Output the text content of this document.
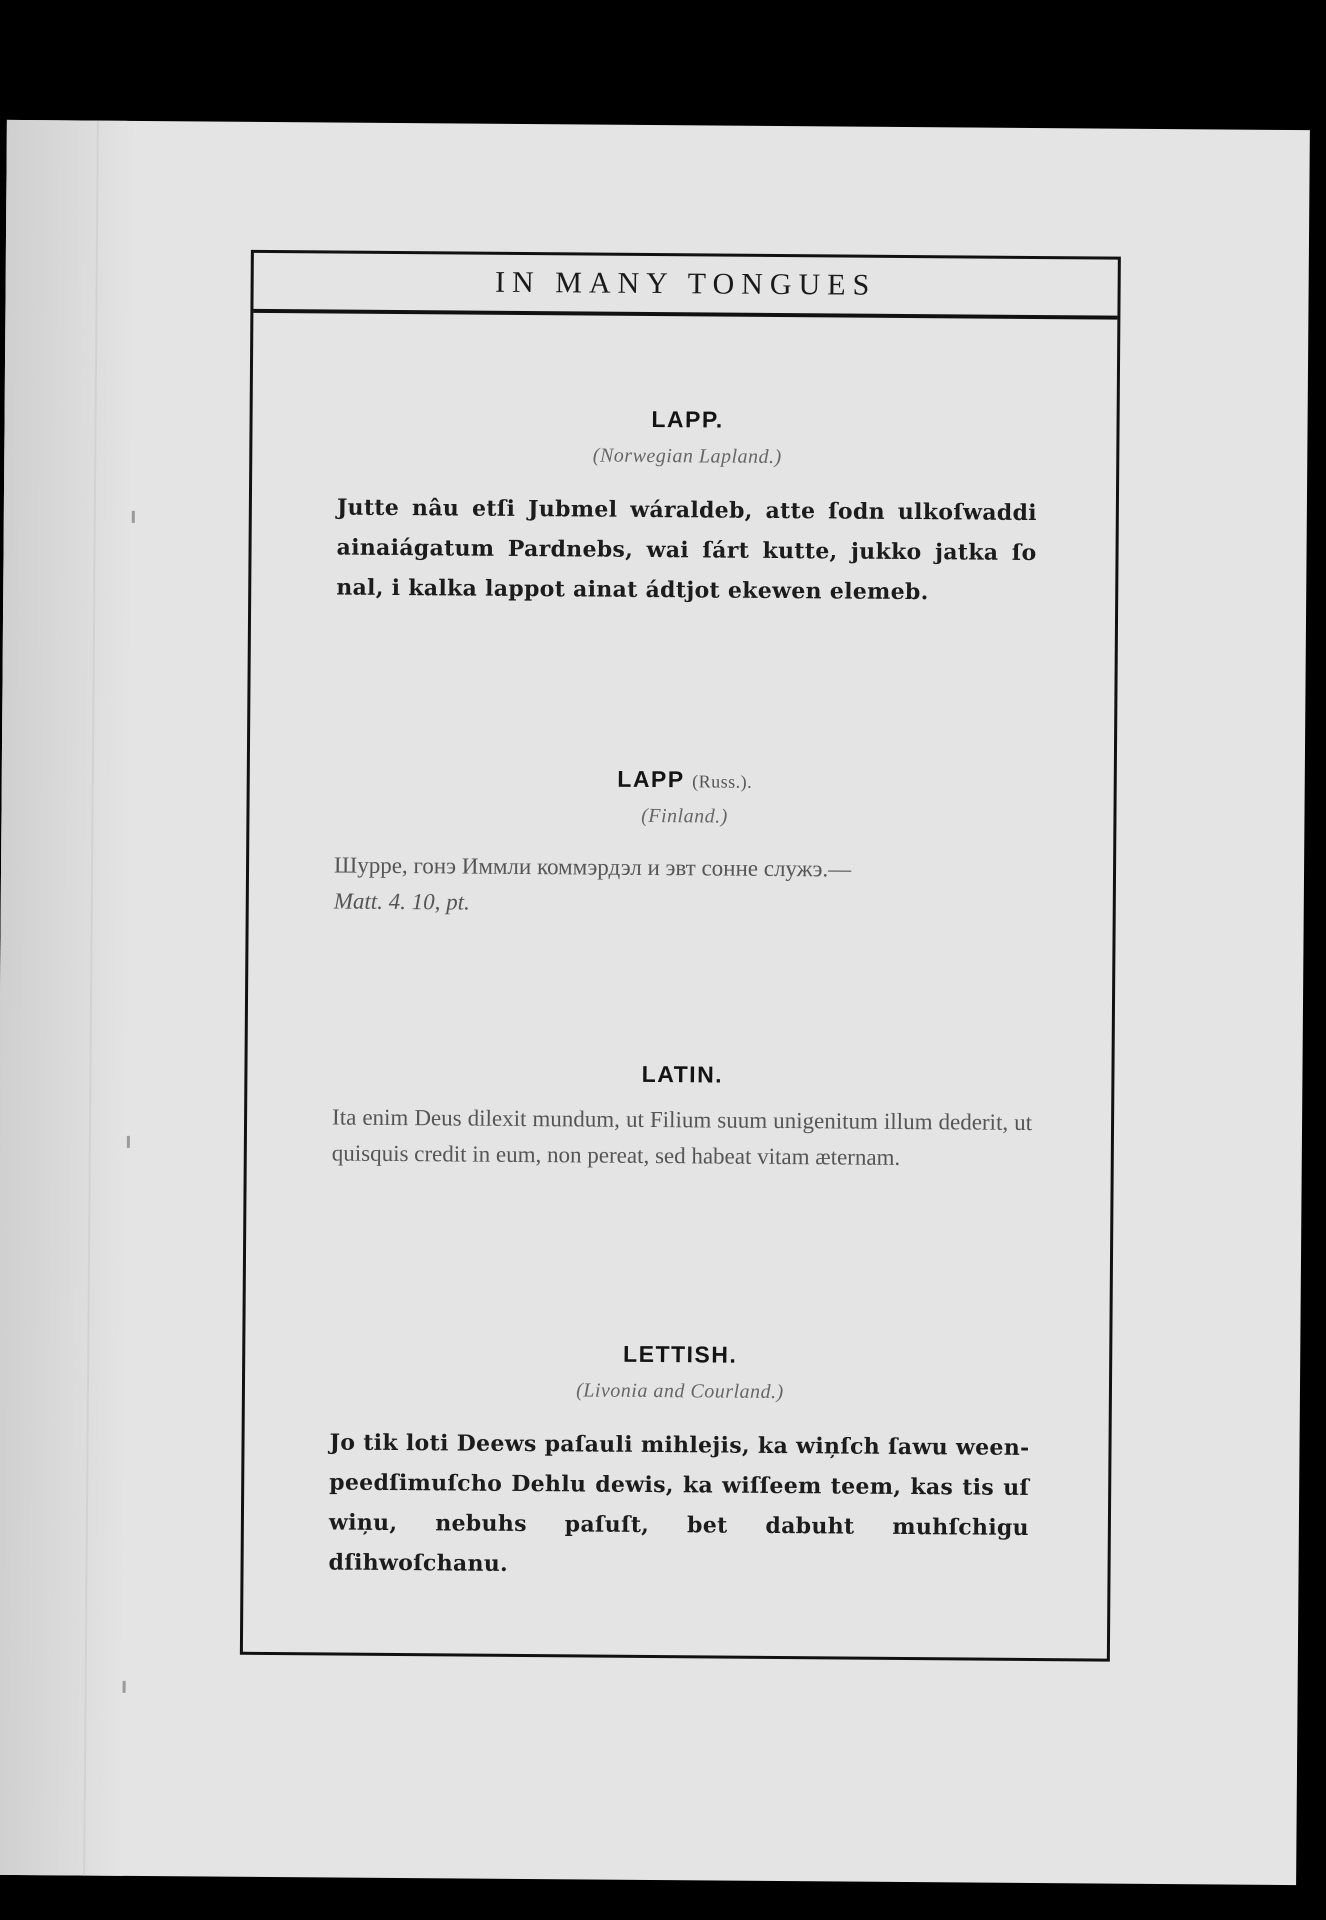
IN MANY TONGUES
LAPP.
(Norwegian Lapland.)
Jutte nâu etſi Jubmel wáraldeb, atte ſodn ulkoſwaddi ainaiágatum Pardnebs, wai ſárt kutte, jukko jatka ſo nal, i kalka lappot ainat ádtjot ekewen elemeb.
LAPP (Russ.).
(Finland.)
Шурре, гонэ Иммли коммэрдэл и эвт сонне служэ.—
Matt. 4. 10, pt.
LATIN.
Ita enim Deus dilexit mundum, ut Filium suum unigenitum illum dederit, ut quisquis credit in eum, non pereat, sed habeat vitam æternam.
LETTISH.
(Livonia and Courland.)
Jo tik loti Deews paſauli mihlejis, ka wiņſch ſawu ween-peedſimuſcho Dehlu dewis, ka wiſſeem teem, kas tis uſ wiņu, nebuhs paſuſt, bet dabuht muhſchigu dſihwoſchanu.
